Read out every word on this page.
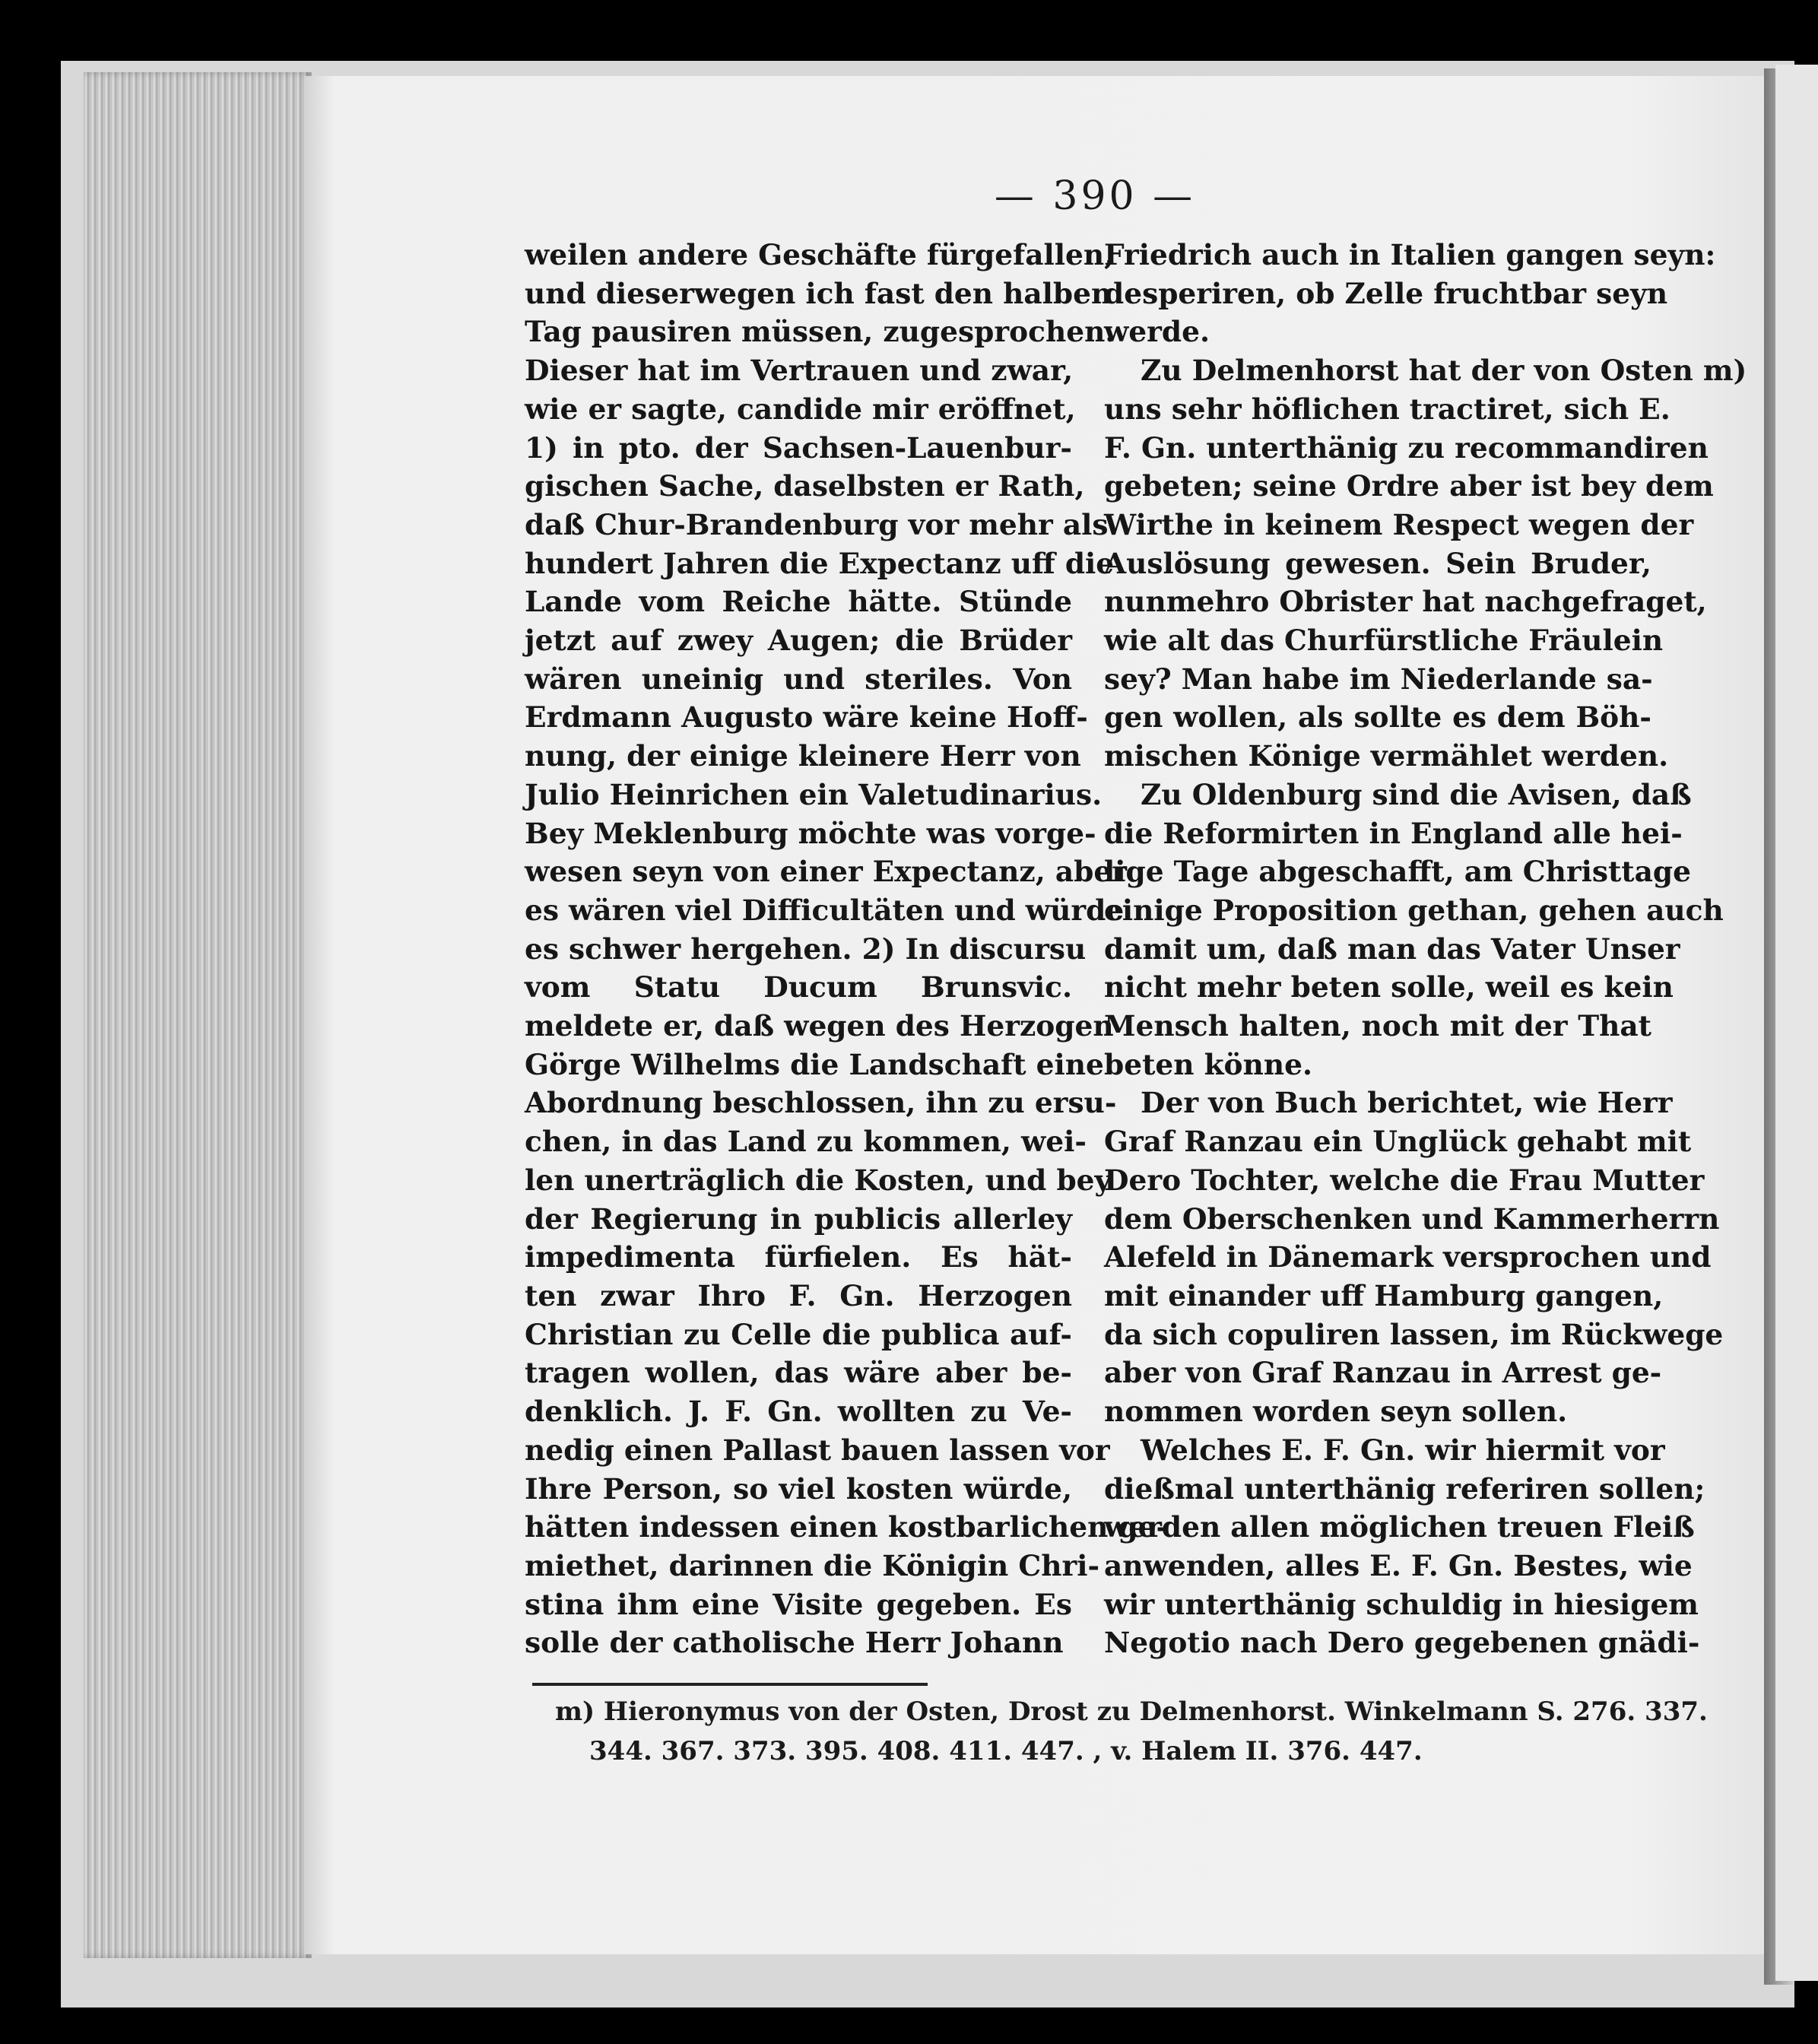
— 390 —
weilen andere Geschäfte fürgefallen,
und dieserwegen ich fast den halben
Tag pausiren müssen, zugesprochen.
Dieser hat im Vertrauen und zwar,
wie er sagte, candide mir eröffnet,
1) in pto. der Sachsen-Lauenbur-
gischen Sache, daselbsten er Rath,
daß Chur-Brandenburg vor mehr als
hundert Jahren die Expectanz uff die
Lande vom Reiche hätte. Stünde
jetzt auf zwey Augen; die Brüder
wären uneinig und steriles. Von
Erdmann Augusto wäre keine Hoff-
nung, der einige kleinere Herr von
Julio Heinrichen ein Valetudinarius.
Bey Meklenburg möchte was vorge-
wesen seyn von einer Expectanz, aber
es wären viel Difficultäten und würde
es schwer hergehen. 2) In discursu
vom Statu Ducum Brunsvic.
meldete er, daß wegen des Herzogen
Görge Wilhelms die Landschaft eine
Abordnung beschlossen, ihn zu ersu-
chen, in das Land zu kommen, wei-
len unerträglich die Kosten, und bey
der Regierung in publicis allerley
impedimenta fürfielen. Es hät-
ten zwar Ihro F. Gn. Herzogen
Christian zu Celle die publica auf-
tragen wollen, das wäre aber be-
denklich. J. F. Gn. wollten zu Ve-
nedig einen Pallast bauen lassen vor
Ihre Person, so viel kosten würde,
hätten indessen einen kostbarlichen ge-
miethet, darinnen die Königin Chri-
stina ihm eine Visite gegeben. Es
solle der catholische Herr Johann
Friedrich auch in Italien gangen seyn:
desperiren, ob Zelle fruchtbar seyn
werde.
Zu Delmenhorst hat der von Osten m)
uns sehr höflichen tractiret, sich E.
F. Gn. unterthänig zu recommandiren
gebeten; seine Ordre aber ist bey dem
Wirthe in keinem Respect wegen der
Auslösung gewesen. Sein Bruder,
nunmehro Obrister hat nachgefraget,
wie alt das Churfürstliche Fräulein
sey? Man habe im Niederlande sa-
gen wollen, als sollte es dem Böh-
mischen Könige vermählet werden.
Zu Oldenburg sind die Avisen, daß
die Reformirten in England alle hei-
lige Tage abgeschafft, am Christtage
einige Proposition gethan, gehen auch
damit um, daß man das Vater Unser
nicht mehr beten solle, weil es kein
Mensch halten, noch mit der That
beten könne.
Der von Buch berichtet, wie Herr
Graf Ranzau ein Unglück gehabt mit
Dero Tochter, welche die Frau Mutter
dem Oberschenken und Kammerherrn
Alefeld in Dänemark versprochen und
mit einander uff Hamburg gangen,
da sich copuliren lassen, im Rückwege
aber von Graf Ranzau in Arrest ge-
nommen worden seyn sollen.
Welches E. F. Gn. wir hiermit vor
dießmal unterthänig referiren sollen;
werden allen möglichen treuen Fleiß
anwenden, alles E. F. Gn. Bestes, wie
wir unterthänig schuldig in hiesigem
Negotio nach Dero gegebenen gnädi-
m) Hieronymus von der Osten, Drost zu Delmenhorst. Winkelmann S. 276. 337.
344. 367. 373. 395. 408. 411. 447. , v. Halem II. 376. 447.
